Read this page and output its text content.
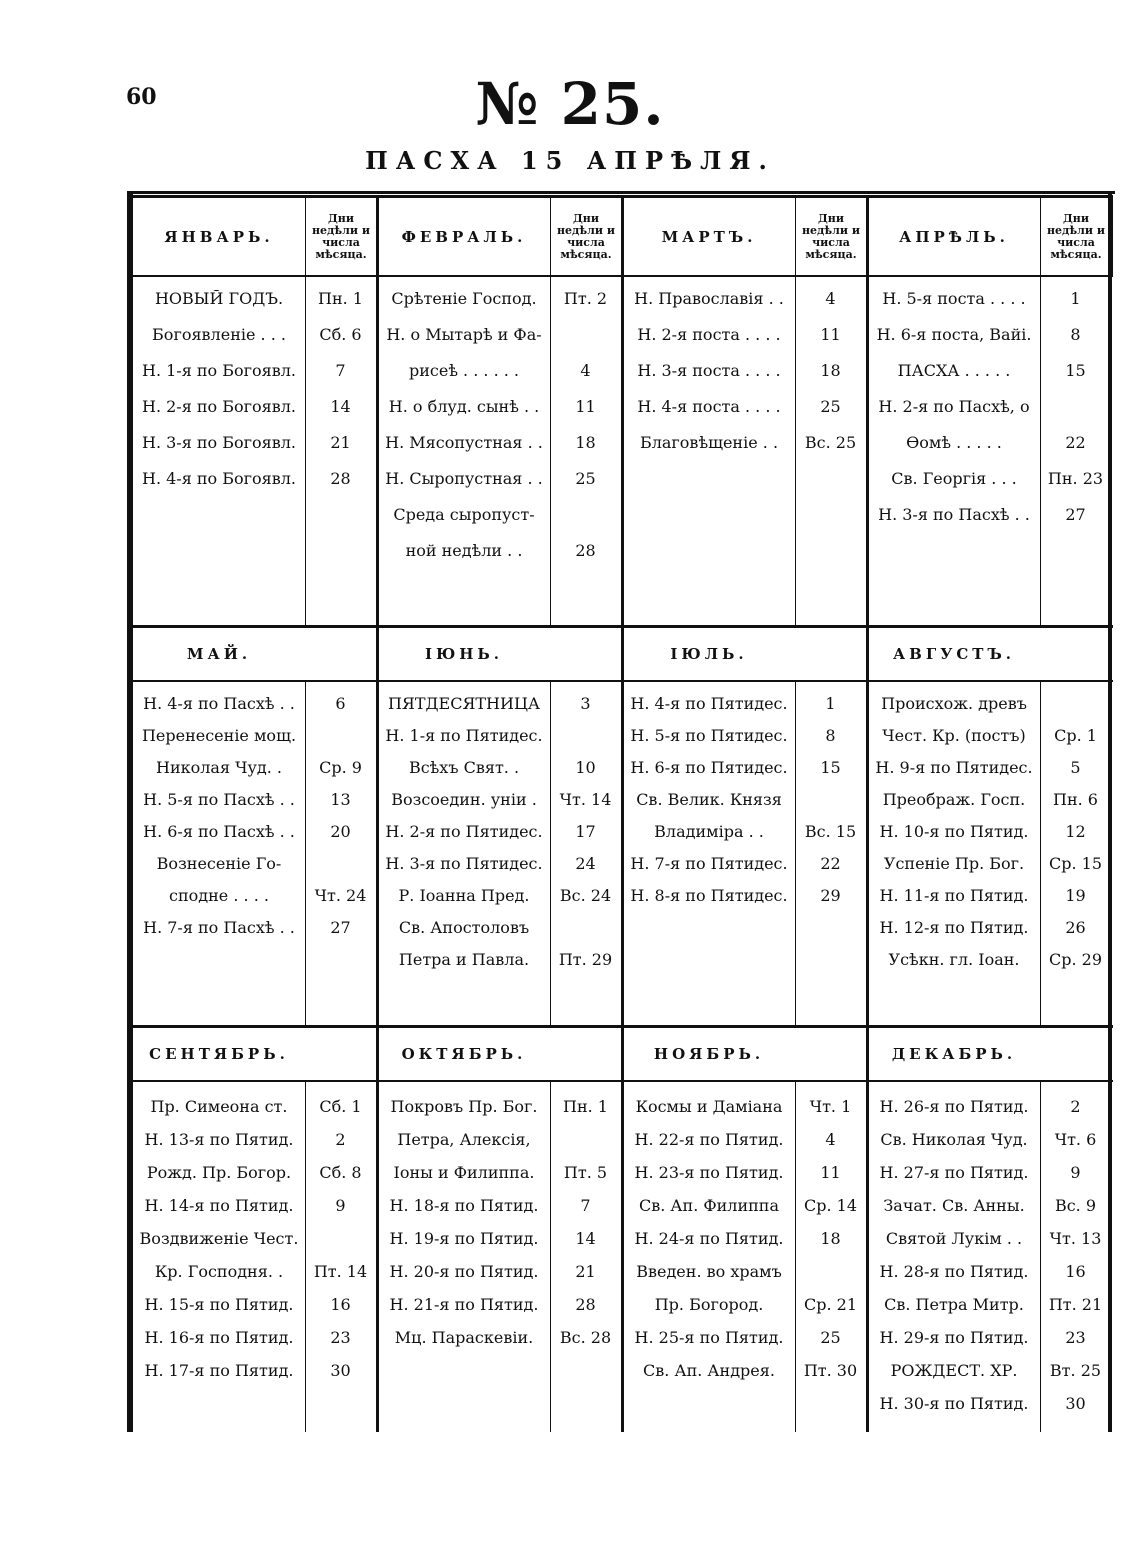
60	№ 25.
ПАСХА 15 АПРѢЛЯ.
ЯНВАРЬ.
Дни недѣли и числа мѣсяца.
НОВЫЙ ГОДЪ.	Пн. 1
Богоявленіе . . .	Сб. 6
Н. 1-я по Богоявл.	7
Н. 2-я по Богоявл.	14
Н. 3-я по Богоявл.	21
Н. 4-я по Богоявл.	28
ФЕВРАЛЬ.
Дни недѣли и числа мѣсяца.
Срѣтеніе Господ.	Пт. 2
Н. о Мытарѣ и Фа-
рисеѣ . . . . . .	4
Н. о блуд. сынѣ . .	11
Н. Мясопустная . .	18
Н. Сыропустная . .	25
Среда сыропуст-
ной недѣли . .	28
МАРТЪ.
Дни недѣли и числа мѣсяца.
Н. Православія . .	4
Н. 2-я поста . . . .	11
Н. 3-я поста . . . .	18
Н. 4-я поста . . . .	25
Благовѣщеніе . .	Вс. 25
АПРѢЛЬ.
Дни недѣли и числа мѣсяца.
Н. 5-я поста . . . .	1
Н. 6-я поста, Вайі.	8
ПАСХА . . . . .	15
Н. 2-я по Пасхѣ, о
Ѳомѣ . . . . .	22
Св. Георгія . . .	Пн. 23
Н. 3-я по Пасхѣ . .	27
МАЙ.
Н. 4-я по Пасхѣ . .	6
Перенесеніе мощ.
Николая Чуд. .	Ср. 9
Н. 5-я по Пасхѣ . .	13
Н. 6-я по Пасхѣ . .	20
Вознесеніе Го-
сподне . . . .	Чт. 24
Н. 7-я по Пасхѣ . .	27
ІЮНЬ.
ПЯТДЕСЯТНИЦА	3
Н. 1-я по Пятидес.
Всѣхъ Свят. .	10
Возсоедин. уніи .	Чт. 14
Н. 2-я по Пятидес.	17
Н. 3-я по Пятидес.	24
Р. Іоанна Пред.	Вс. 24
Св. Апостоловъ
Петра и Павла.	Пт. 29
ІЮЛЬ.
Н. 4-я по Пятидес.	1
Н. 5-я по Пятидес.	8
Н. 6-я по Пятидес.	15
Св. Велик. Князя
Владиміра . .	Вс. 15
Н. 7-я по Пятидес.	22
Н. 8-я по Пятидес.	29
АВГУСТЪ.
Происхож. древъ
Чест. Кр. (постъ)	Ср. 1
Н. 9-я по Пятидес.	5
Преображ. Госп.	Пн. 6
Н. 10-я по Пятид.	12
Успеніе Пр. Бог.	Ср. 15
Н. 11-я по Пятид.	19
Н. 12-я по Пятид.	26
Усѣкн. гл. Іоан.	Ср. 29
СЕНТЯБРЬ.
Пр. Симеона ст.	Сб. 1
Н. 13-я по Пятид.	2
Рожд. Пр. Богор.	Сб. 8
Н. 14-я по Пятид.	9
Воздвиженіе Чест.
Кр. Господня. .	Пт. 14
Н. 15-я по Пятид.	16
Н. 16-я по Пятид.	23
Н. 17-я по Пятид.	30
ОКТЯБРЬ.
Покровъ Пр. Бог.	Пн. 1
Петра, Алексія,
Іоны и Филиппа.	Пт. 5
Н. 18-я по Пятид.	7
Н. 19-я по Пятид.	14
Н. 20-я по Пятид.	21
Н. 21-я по Пятид.	28
Мц. Параскевіи.	Вс. 28
НОЯБРЬ.
Космы и Даміана	Чт. 1
Н. 22-я по Пятид.	4
Н. 23-я по Пятид.	11
Св. Ап. Филиппа	Ср. 14
Н. 24-я по Пятид.	18
Введен. во храмъ
Пр. Богород.	Ср. 21
Н. 25-я по Пятид.	25
Св. Ап. Андрея.	Пт. 30
ДЕКАБРЬ.
Н. 26-я по Пятид.	2
Св. Николая Чуд.	Чт. 6
Н. 27-я по Пятид.	9
Зачат. Св. Анны.	Вс. 9
Святой Лукім . .	Чт. 13
Н. 28-я по Пятид.	16
Св. Петра Митр.	Пт. 21
Н. 29-я по Пятид.	23
РОЖДЕСТ. ХР.	Вт. 25
Н. 30-я по Пятид.	30
